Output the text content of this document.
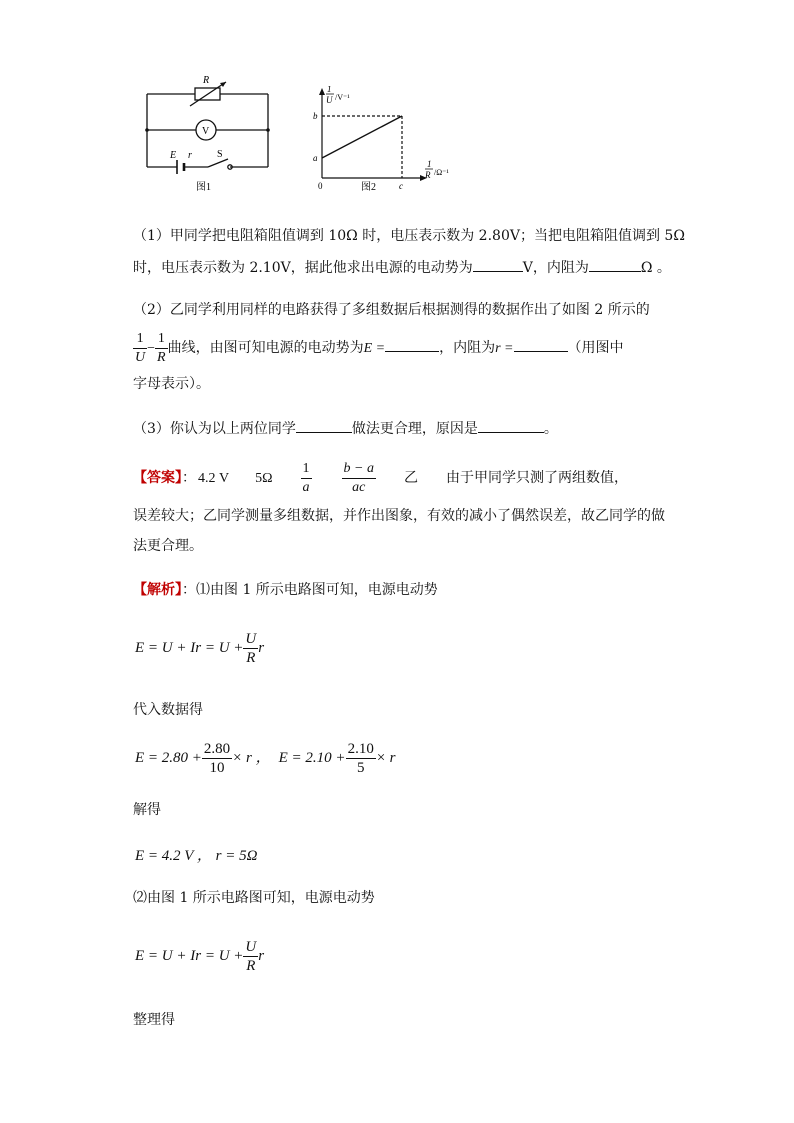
R
V
E r	S
图1
1
U /V⁻¹
b
a
0	c
1
R /Ω⁻¹
图2
（1）甲同学把电阻箱阻值调到 10Ω 时，电压表示数为 2.80V；当把电阻箱阻值调到 5Ω
时，电压表示数为 2.10V，据此他求出电源的电动势为	V，内阻为	Ω 。
（2）乙同学利用同样的电路获得了多组数据后根据测得的数据作出了如图 2 所示的
$\frac{1}{U} - \frac{1}{R}$ 曲线，由图可知电源的电动势为E =	，内阻为r =	（用图中
字母表示）。
（3）你认为以上两位同学	做法更合理，原因是	。
【答案】： 4.2 V $5\Omega \frac{1}{a} \frac{b - a}{ac}$ 乙 由于甲同学只测了两组数值，
误差较大；乙同学测量多组数据，并作出图象，有效的减小了偶然误差，故乙同学的做
法更合理。
【解析】：⑴由图 1 所示电路图可知，电源电动势
$E = U + Ir = U + \frac{U}{R}$ r
代入数据得
$E = 2.80 + \frac{2.80}{10} \times r$ ， $E = 2.10 + \frac{2.10}{5} \times r$
解得
E = 4.2 V ， r = 5Ω
⑵由图 1 所示电路图可知，电源电动势
$E = U + Ir = U + \frac{U}{R}$ r
整理得
